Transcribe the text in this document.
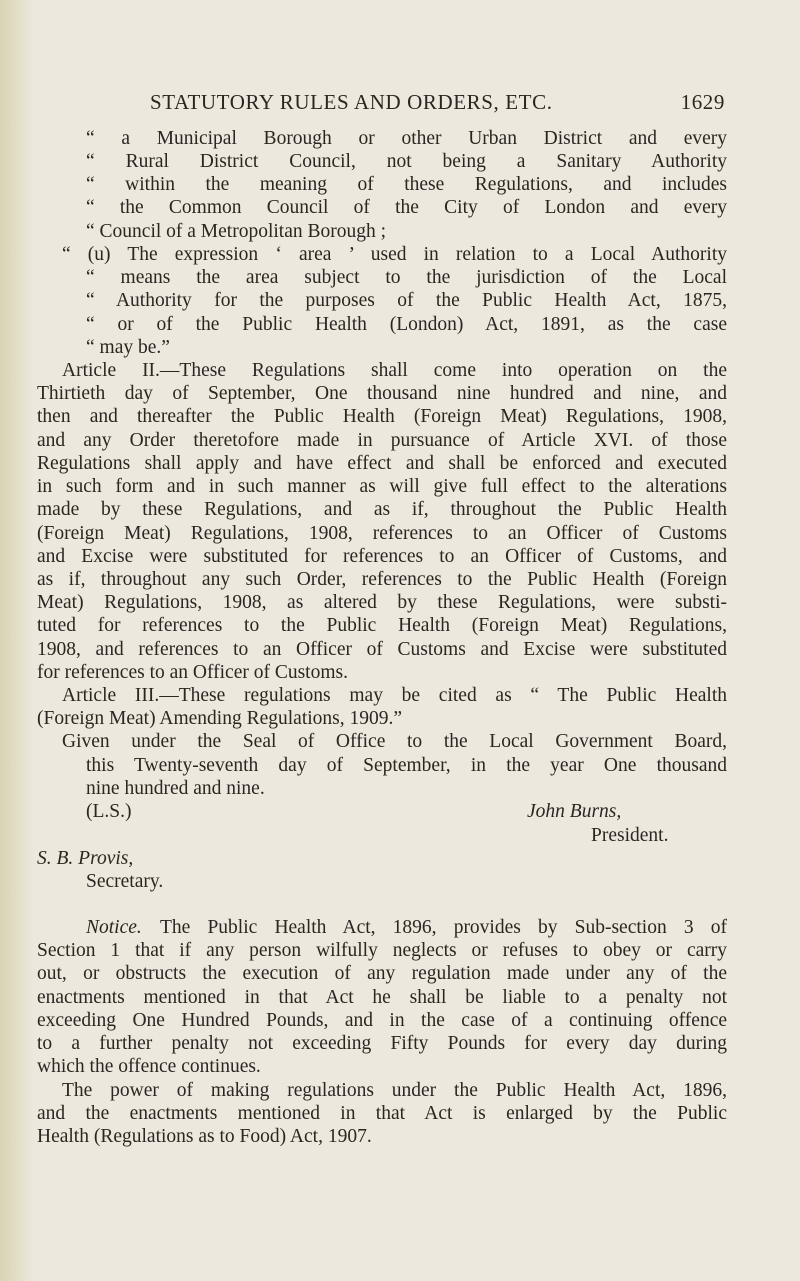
STATUTORY RULES AND ORDERS, ETC.	1629
“ a Municipal Borough or other Urban District and every
“ Rural District Council, not being a Sanitary Authority
“ within the meaning of these Regulations, and includes
“ the Common Council of the City of London and every
“ Council of a Metropolitan Borough ;
“ (u) The expression ‘ area ’ used in relation to a Local Authority
“ means the area subject to the jurisdiction of the Local
“ Authority for the purposes of the Public Health Act, 1875,
“ or of the Public Health (London) Act, 1891, as the case
“ may be.”
Article II.—These Regulations shall come into operation on the
Thirtieth day of September, One thousand nine hundred and nine, and
then and thereafter the Public Health (Foreign Meat) Regulations, 1908,
and any Order theretofore made in pursuance of Article XVI. of those
Regulations shall apply and have effect and shall be enforced and executed
in such form and in such manner as will give full effect to the alterations
made by these Regulations, and as if, throughout the Public Health
(Foreign Meat) Regulations, 1908, references to an Officer of Customs
and Excise were substituted for references to an Officer of Customs, and
as if, throughout any such Order, references to the Public Health (Foreign
Meat) Regulations, 1908, as altered by these Regulations, were substi-
tuted for references to the Public Health (Foreign Meat) Regulations,
1908, and references to an Officer of Customs and Excise were substituted
for references to an Officer of Customs.
Article III.—These regulations may be cited as “ The Public Health
(Foreign Meat) Amending Regulations, 1909.”
Given under the Seal of Office to the Local Government Board,
this Twenty-seventh day of September, in the year One thousand
nine hundred and nine.
(L.S.)	John Burns,
President.
S. B. Provis,
Secretary.
Notice. The Public Health Act, 1896, provides by Sub-section 3 of
Section 1 that if any person wilfully neglects or refuses to obey or carry
out, or obstructs the execution of any regulation made under any of the
enactments mentioned in that Act he shall be liable to a penalty not
exceeding One Hundred Pounds, and in the case of a continuing offence
to a further penalty not exceeding Fifty Pounds for every day during
which the offence continues.
The power of making regulations under the Public Health Act, 1896,
and the enactments mentioned in that Act is enlarged by the Public
Health (Regulations as to Food) Act, 1907.
